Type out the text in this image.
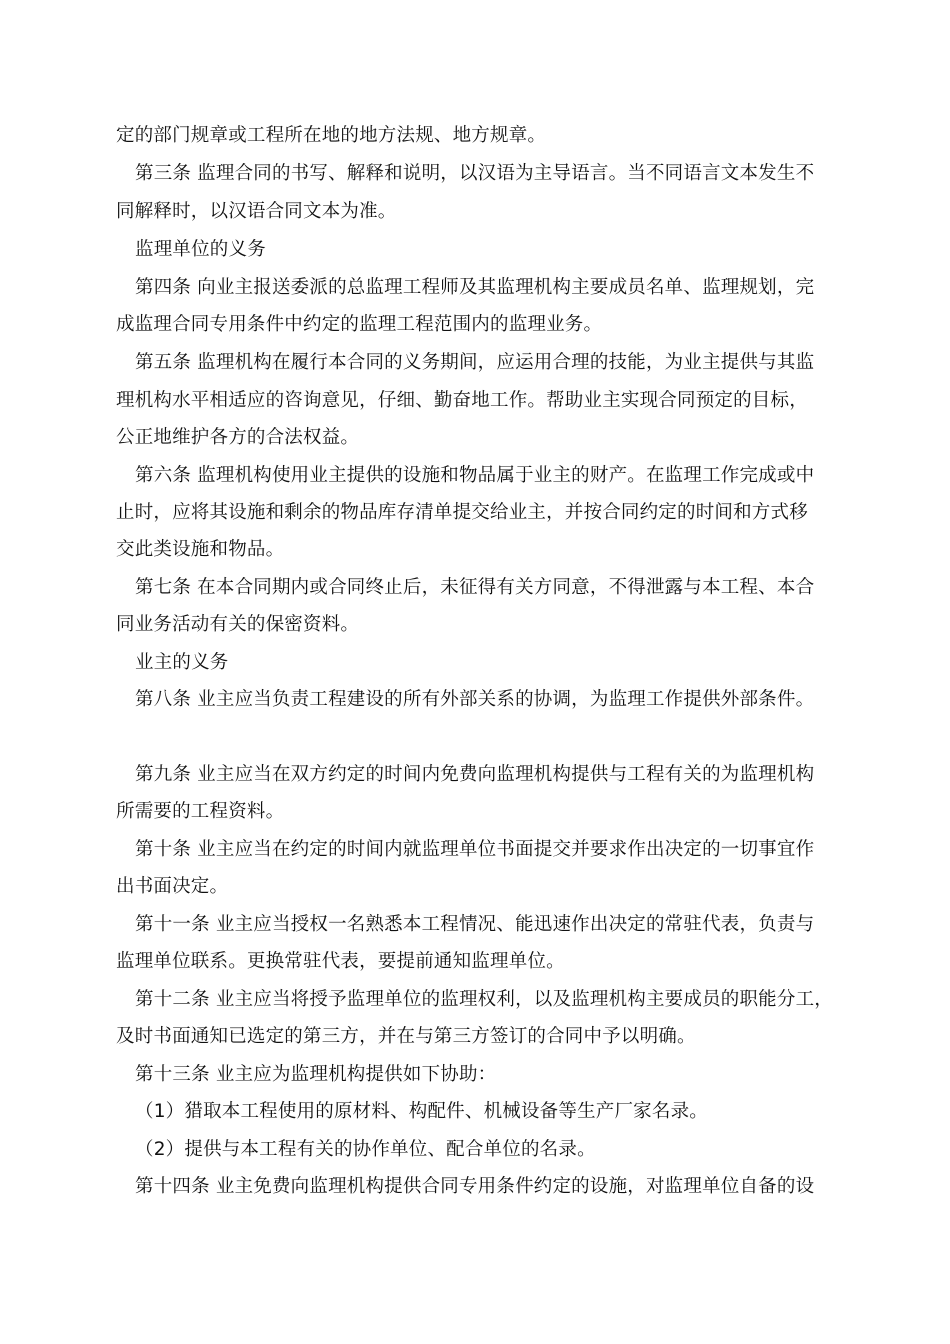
定的部门规章或工程所在地的地方法规、地方规章。
第三条 监理合同的书写、解释和说明，以汉语为主导语言。当不同语言文本发生不
同解释时，以汉语合同文本为准。
监理单位的义务
第四条 向业主报送委派的总监理工程师及其监理机构主要成员名单、监理规划，完
成监理合同专用条件中约定的监理工程范围内的监理业务。
第五条 监理机构在履行本合同的义务期间，应运用合理的技能，为业主提供与其监
理机构水平相适应的咨询意见，仔细、勤奋地工作。帮助业主实现合同预定的目标，
公正地维护各方的合法权益。
第六条 监理机构使用业主提供的设施和物品属于业主的财产。在监理工作完成或中
止时，应将其设施和剩余的物品库存清单提交给业主，并按合同约定的时间和方式移
交此类设施和物品。
第七条 在本合同期内或合同终止后，未征得有关方同意，不得泄露与本工程、本合
同业务活动有关的保密资料。
业主的义务
第八条 业主应当负责工程建设的所有外部关系的协调，为监理工作提供外部条件。
第九条 业主应当在双方约定的时间内免费向监理机构提供与工程有关的为监理机构
所需要的工程资料。
第十条 业主应当在约定的时间内就监理单位书面提交并要求作出决定的一切事宜作
出书面决定。
第十一条 业主应当授权一名熟悉本工程情况、能迅速作出决定的常驻代表，负责与
监理单位联系。更换常驻代表，要提前通知监理单位。
第十二条 业主应当将授予监理单位的监理权利，以及监理机构主要成员的职能分工，
及时书面通知已选定的第三方，并在与第三方签订的合同中予以明确。
第十三条 业主应为监理机构提供如下协助：
（1）猎取本工程使用的原材料、构配件、机械设备等生产厂家名录。
（2）提供与本工程有关的协作单位、配合单位的名录。
第十四条 业主免费向监理机构提供合同专用条件约定的设施，对监理单位自备的设
